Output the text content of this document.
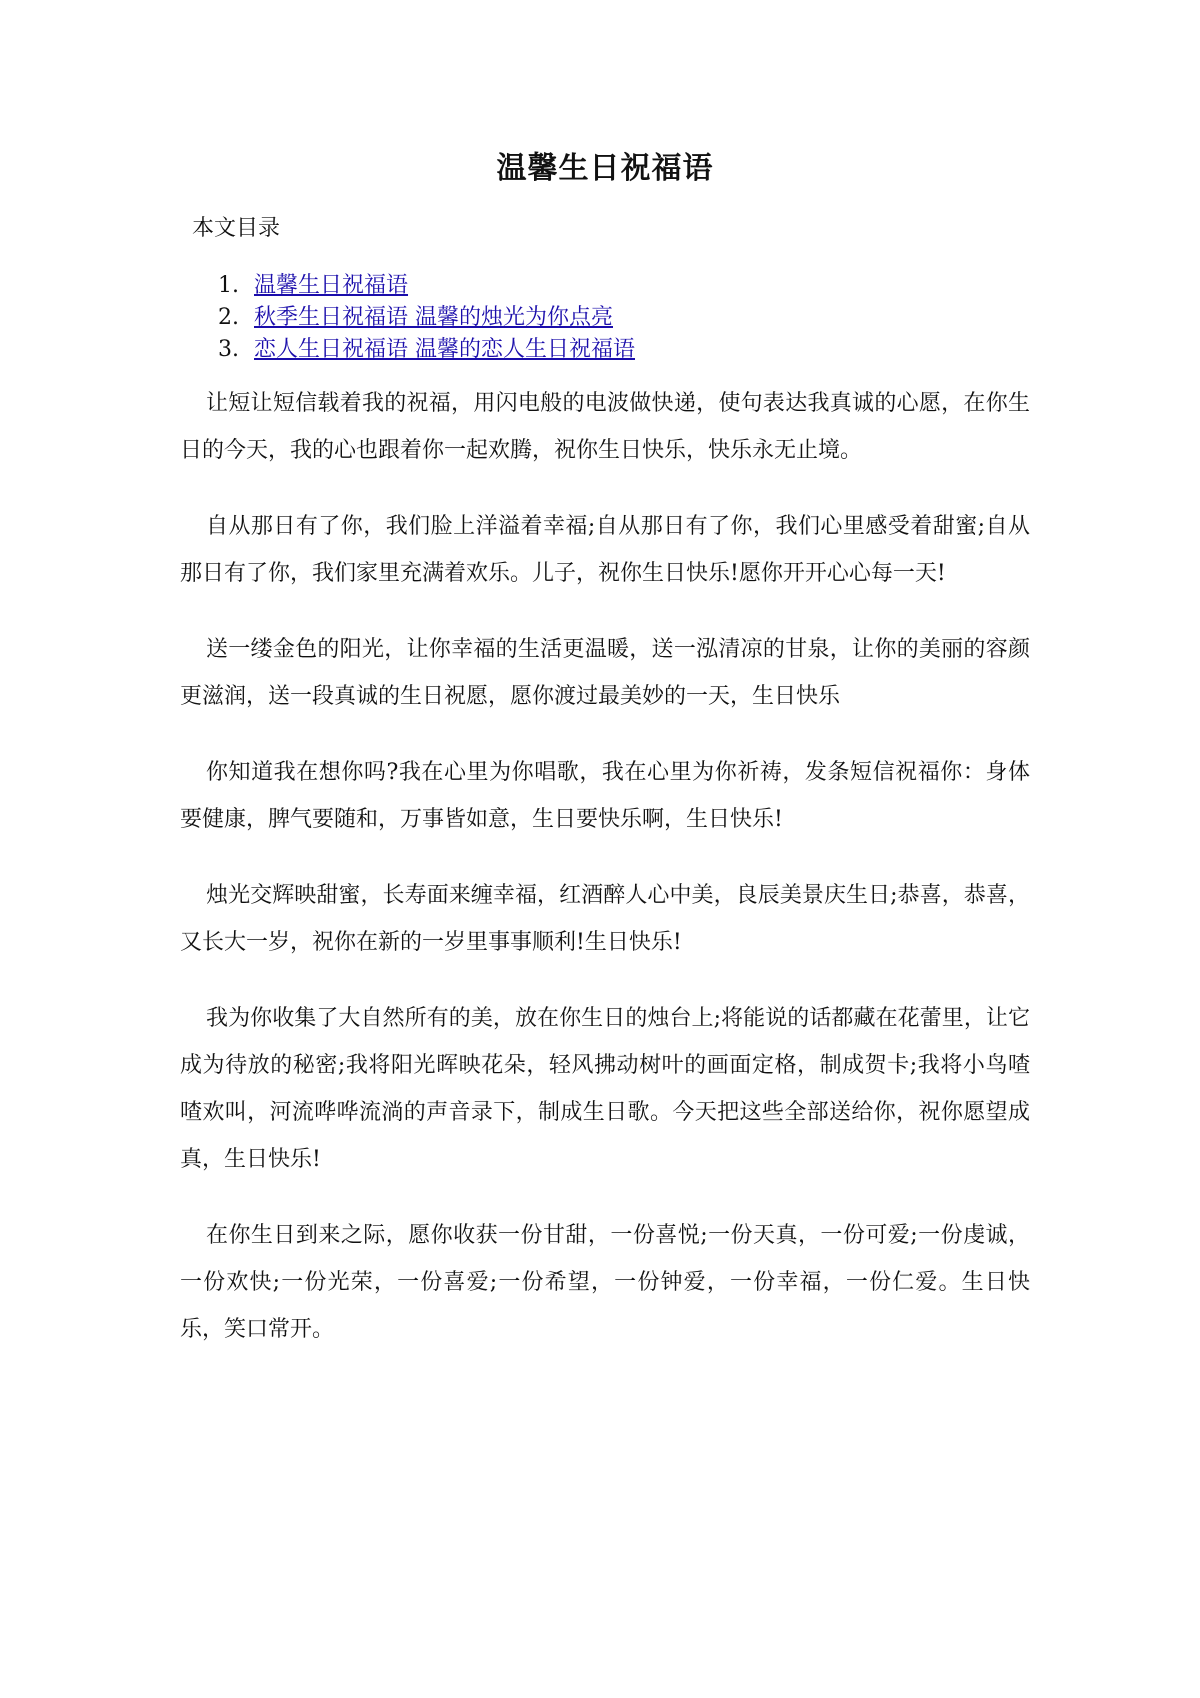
温馨生日祝福语
本文目录
1. 温馨生日祝福语
2. 秋季生日祝福语 温馨的烛光为你点亮
3. 恋人生日祝福语 温馨的恋人生日祝福语

让短让短信载着我的祝福，用闪电般的电波做快递，使句表达我真诚的心愿，在你生日的今天，我的心也跟着你一起欢腾，祝你生日快乐，快乐永无止境。

自从那日有了你，我们脸上洋溢着幸福;自从那日有了你，我们心里感受着甜蜜;自从那日有了你，我们家里充满着欢乐。儿子，祝你生日快乐!愿你开开心心每一天!

送一缕金色的阳光，让你幸福的生活更温暖，送一泓清凉的甘泉，让你的美丽的容颜更滋润，送一段真诚的生日祝愿，愿你渡过最美妙的一天，生日快乐

你知道我在想你吗?我在心里为你唱歌，我在心里为你祈祷，发条短信祝福你：身体要健康，脾气要随和，万事皆如意，生日要快乐啊，生日快乐!

烛光交辉映甜蜜，长寿面来缠幸福，红酒醉人心中美，良辰美景庆生日;恭喜，恭喜，又长大一岁，祝你在新的一岁里事事顺利!生日快乐!

我为你收集了大自然所有的美，放在你生日的烛台上;将能说的话都藏在花蕾里，让它成为待放的秘密;我将阳光晖映花朵，轻风拂动树叶的画面定格，制成贺卡;我将小鸟喳喳欢叫，河流哗哗流淌的声音录下，制成生日歌。今天把这些全部送给你，祝你愿望成真，生日快乐!

在你生日到来之际，愿你收获一份甘甜，一份喜悦;一份天真，一份可爱;一份虔诚，一份欢快;一份光荣，一份喜爱;一份希望，一份钟爱，一份幸福，一份仁爱。生日快乐，笑口常开。
